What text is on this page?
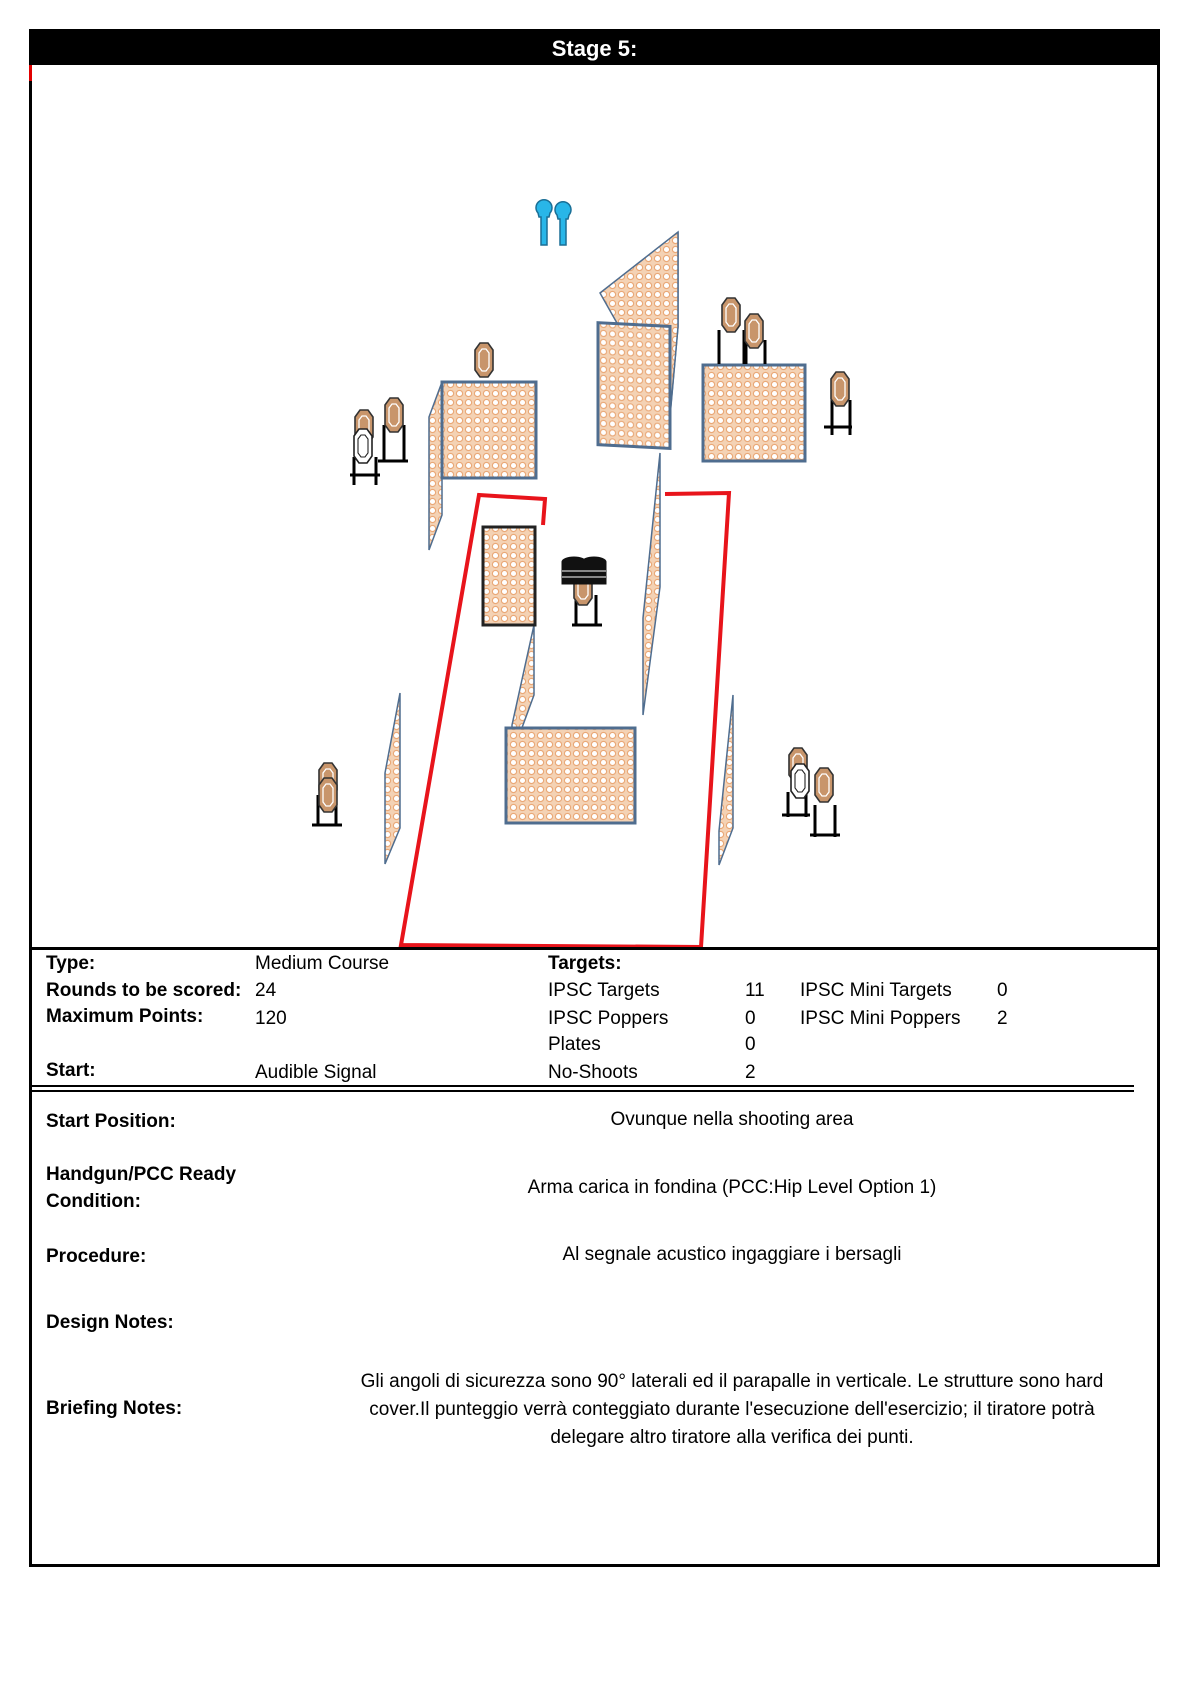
Stage 5:
Type:	Medium Course	Targets:
Rounds to be scored: 24	IPSC Targets	11 IPSC Mini Targets 0
Maximum Points:	120	IPSC Poppers	0 IPSC Mini Poppers 2
Plates	0
Start:	Audible Signal	No-Shoots	2
Start Position:	Ovunque nella shooting area
Handgun/PCC Ready
Condition:
Arma carica in fondina (PCC:Hip Level Option 1)
Procedure:	Al segnale acustico ingaggiare i bersagli
Design Notes:
Briefing Notes:
Gli angoli di sicurezza sono 90° laterali ed il parapalle in verticale. Le strutture sono hard
cover.Il punteggio verrà conteggiato durante l'esecuzione dell'esercizio; il tiratore potrà
delegare altro tiratore alla verifica dei punti.
